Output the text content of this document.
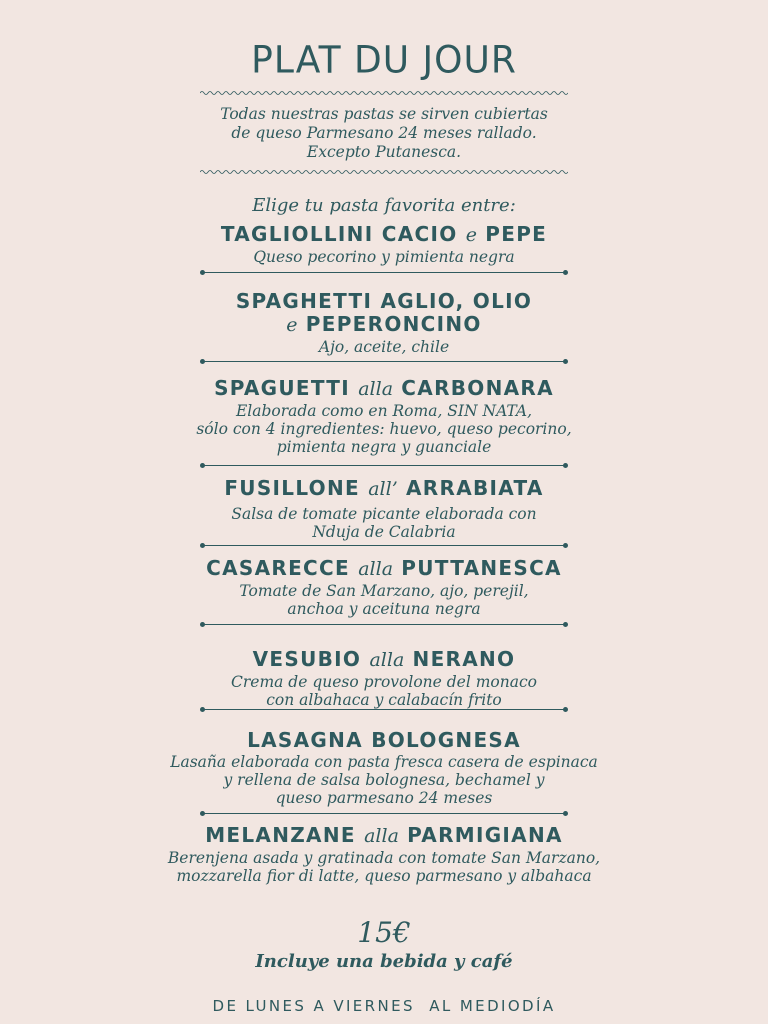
PLAT DU JOUR
Todas nuestras pastas se sirven cubiertas
de queso Parmesano 24 meses rallado.
Excepto Putanesca.
Elige tu pasta favorita entre:
TAGLIOLLINI CACIO e PEPE
Queso pecorino y pimienta negra
SPAGHETTI AGLIO, OLIO
e PEPERONCINO
Ajo, aceite, chile
SPAGUETTI alla CARBONARA
Elaborada como en Roma, SIN NATA,
sólo con 4 ingredientes: huevo, queso pecorino,
pimienta negra y guanciale
FUSILLONE all’ ARRABIATA
Salsa de tomate picante elaborada con
Nduja de Calabria
CASARECCE alla PUTTANESCA
Tomate de San Marzano, ajo, perejil,
anchoa y aceituna negra
VESUBIO alla NERANO
Crema de queso provolone del monaco
con albahaca y calabacín frito
LASAGNA BOLOGNESA
Lasaña elaborada con pasta fresca casera de espinaca
y rellena de salsa bolognesa, bechamel y
queso parmesano 24 meses
MELANZANE alla PARMIGIANA
Berenjena asada y gratinada con tomate San Marzano,
mozzarella fior di latte, queso parmesano y albahaca
15€
Incluye una bebida y café
DE LUNES A VIERNES  AL MEDIODÍA
